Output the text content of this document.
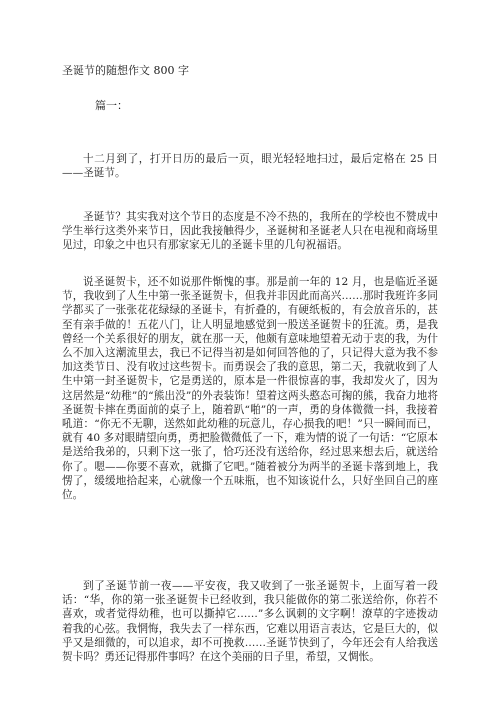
圣诞节的随想作文 800 字
篇一：

十二月到了，打开日历的最后一页，眼光轻轻地扫过，最后定格在 25 日——圣诞节。

圣诞节？其实我对这个节日的态度是不冷不热的，我所在的学校也不赞成中学生举行这类外来节日，因此我接触得少，圣诞树和圣诞老人只在电视和商场里见过，印象之中也只有那家家无儿的圣诞卡里的几句祝福语。

说圣诞贺卡，还不如说那件惭愧的事。那是前一年的 12 月，也是临近圣诞节，我收到了人生中第一张圣诞贺卡，但我并非因此而高兴……那时我班许多同学都买了一张张花花绿绿的圣诞卡，有折叠的，有硬纸板的，有会放音乐的，甚至有亲手做的！五花八门，让人明显地感觉到一股送圣诞贺卡的狂流。勇，是我曾经一个关系很好的朋友，就在那一天，他颇有意味地望着无动于衷的我，为什么不加入这潮流里去，我已不记得当初是如何回答他的了，只记得大意为我不参加这类节日、没有收过这些贺卡。而勇误会了我的意思，第二天，我就收到了人生中第一封圣诞贺卡，它是勇送的，原本是一件很惊喜的事，我却发火了，因为这居然是“幼稚”的“熊出没”的外表装饰！望着这两头憨态可掬的熊，我奋力地将圣诞贺卡摔在勇面前的桌子上，随着趴“啪”的一声，勇的身体微微一抖，我接着吼道：“你无不无聊，送然如此幼稚的玩意儿，存心损我的吧！”只一瞬间而已，就有 40 多对眼睛望向勇，勇把脸微微低了一下，难为情的说了一句话：“它原本是送给我弟的，只剩下这一张了，恰巧还没有送给你，经过思来想去后，就送给你了。嗯——你要不喜欢，就撕了它吧。”随着被分为两半的圣诞卡落到地上，我愣了，缓缓地拾起来，心就像一个五味瓶，也不知该说什么，只好坐回自己的座位。

到了圣诞节前一夜——平安夜，我又收到了一张圣诞贺卡，上面写着一段话：“华，你的第一张圣诞贺卡已经收到，我只能做你的第二张送给你，你若不喜欢，或者觉得幼稚，也可以撕掉它……”多么讽刺的文字啊！潦草的字迹拨动着我的心弦。我惘悔，我失去了一样东西，它难以用语言表达，它是巨大的，似乎又是细微的，可以追求，却不可挽救……圣诞节快到了，今年还会有人给我送贺卡吗？勇还记得那件事吗？在这个美丽的日子里，希望，又惆怅。
